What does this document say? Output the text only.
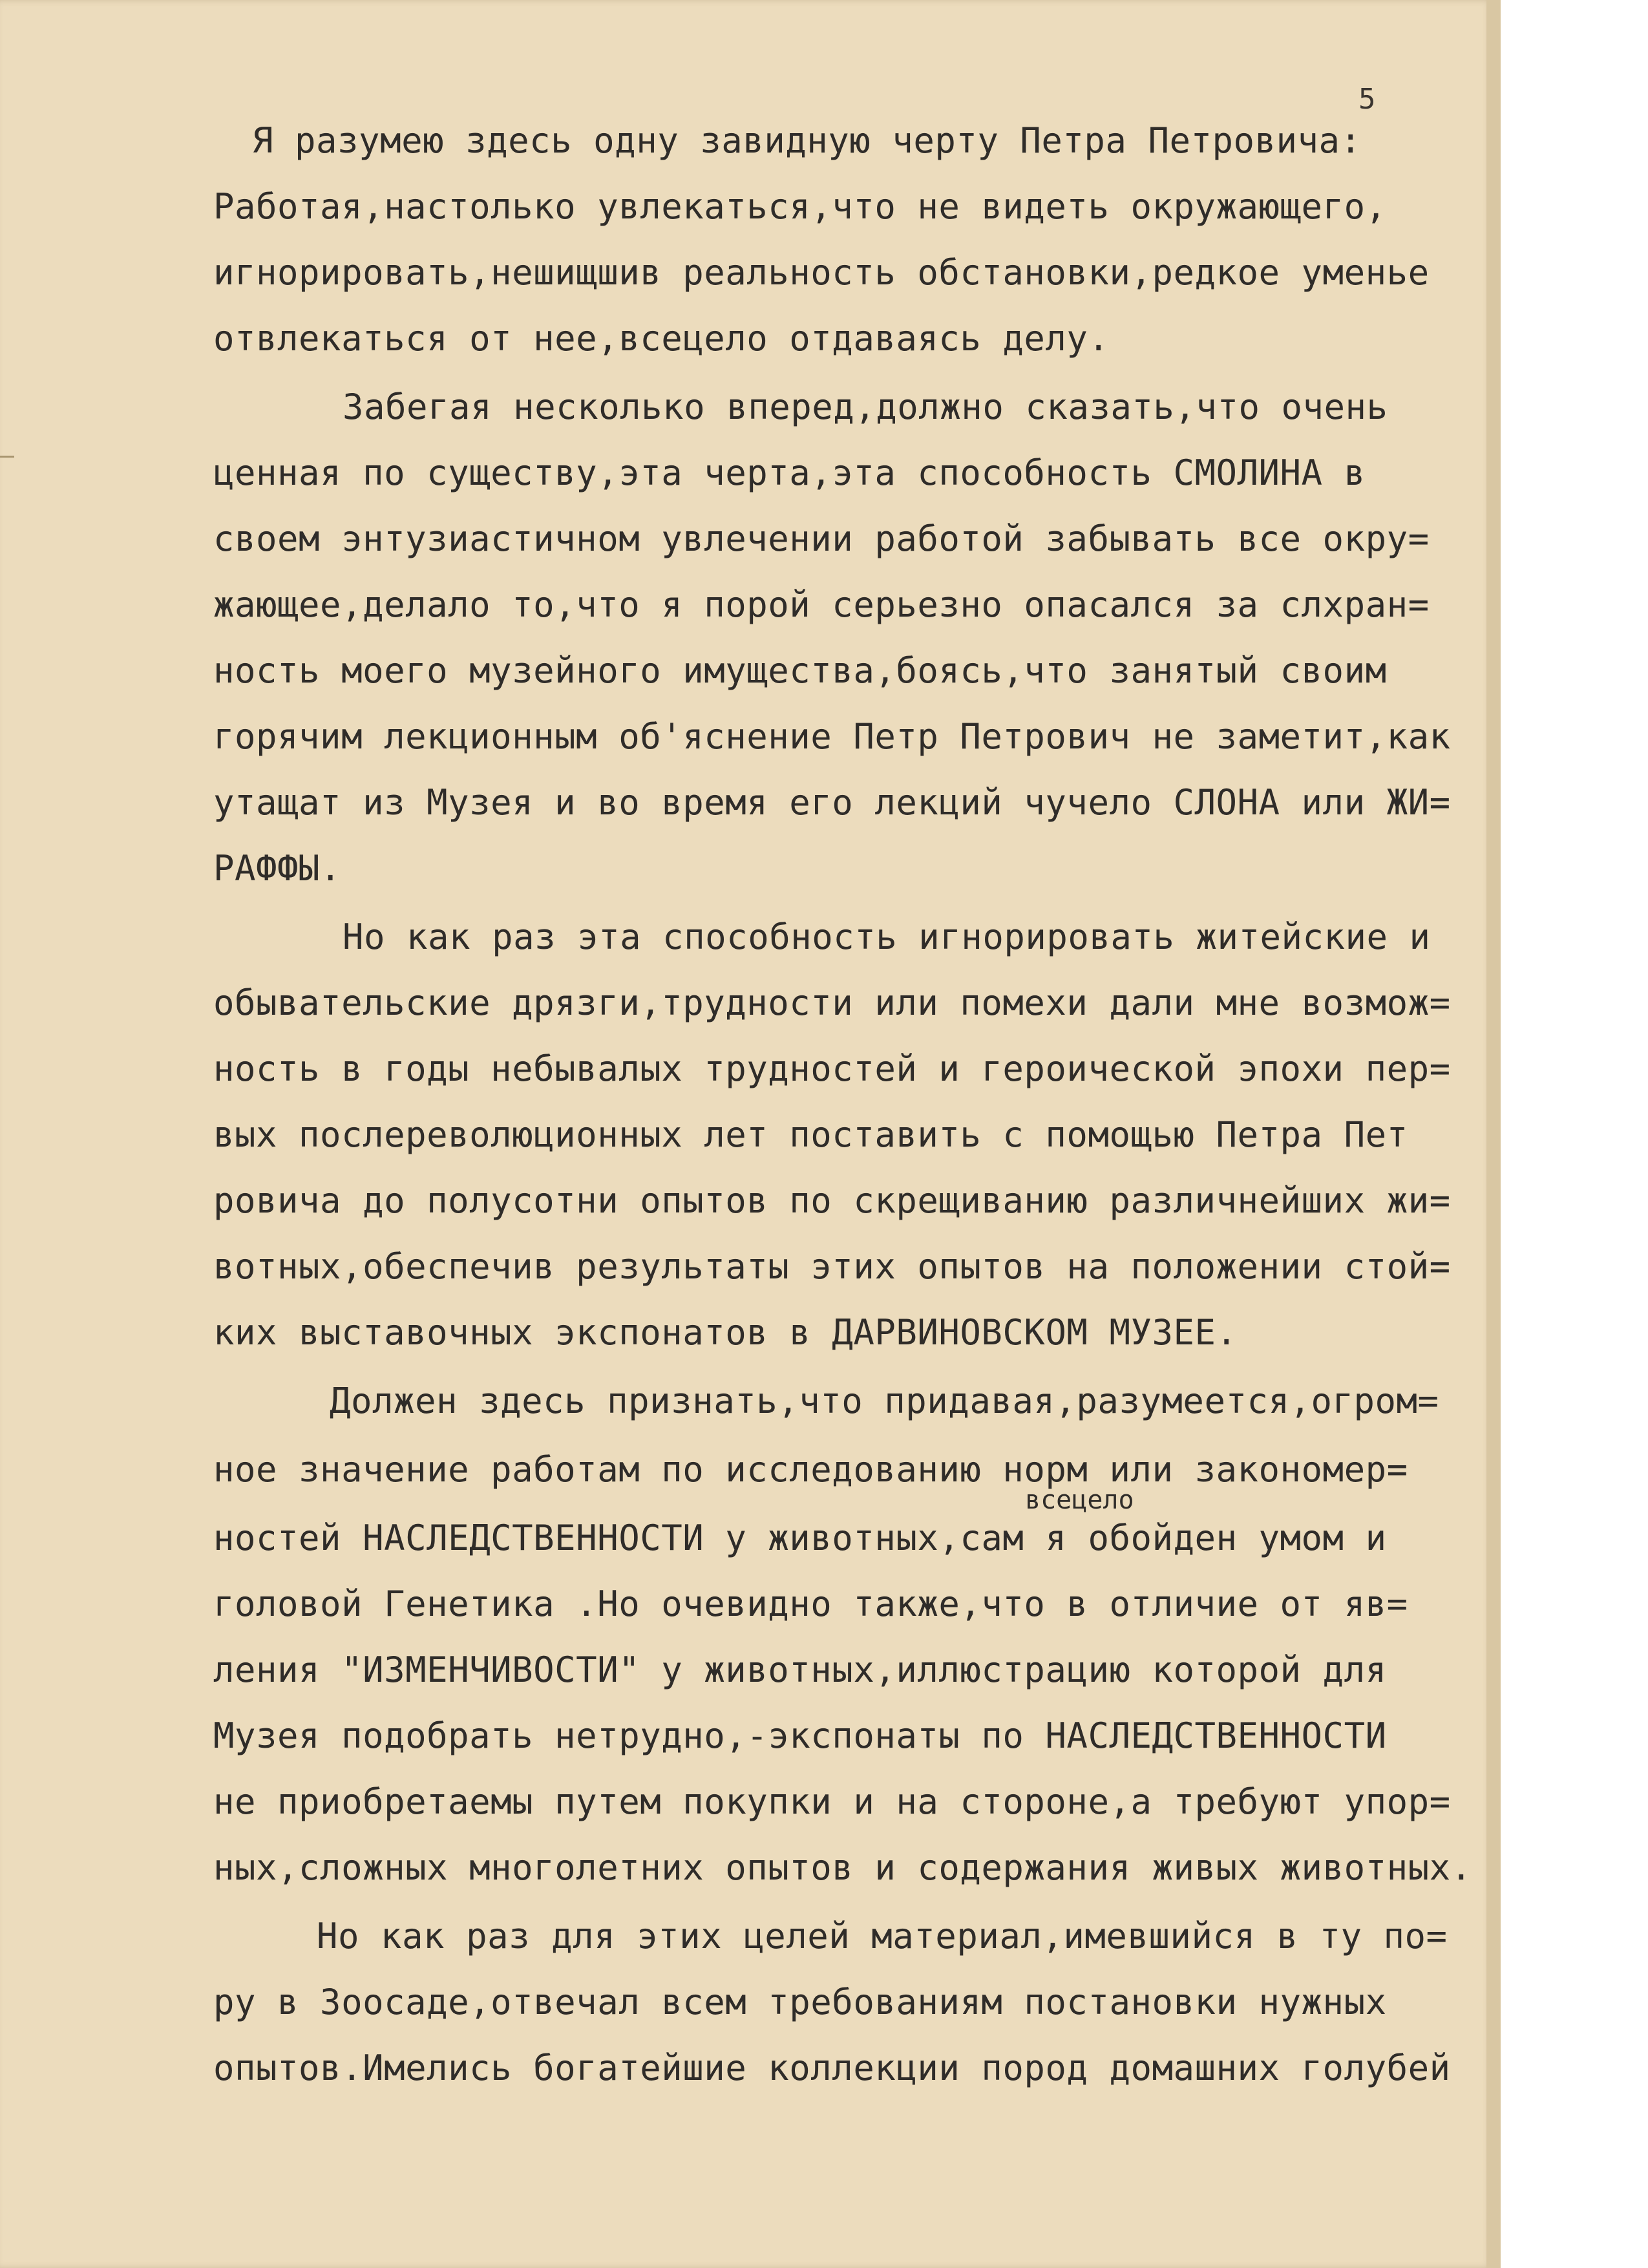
5
Я разумею здесь одну завидную черту Петра Петровича:
Работая,настолько увлекаться,что не видеть окружающего,
игнорировать,нешищшив реальность обстановки,редкое уменье
отвлекаться от нее,всецело отдаваясь делу.
Забегая несколько вперед,должно сказать,что очень
ценная по существу,эта черта,эта способность СМОЛИНА в
своем энтузиастичном увлечении работой забывать все окру=
жающее,делало то,что я порой серьезно опасался за слхран=
ность моего музейного имущества,боясь,что занятый своим
горячим лекционным об'яснение Петр Петрович не заметит,как
утащат из Музея и во время его лекций чучело СЛОНА или ЖИ=
РАФФЫ.
Но как раз эта способность игнорировать житейские и
обывательские дрязги,трудности или помехи дали мне возмож=
ность в годы небывалых трудностей и героической эпохи пер=
вых послереволюционных лет поставить с помощью Петра Пет
ровича до полусотни опытов по скрещиванию различнейших жи=
вотных,обеспечив результаты этих опытов на положении стой=
ких выставочных экспонатов в ДАРВИНОВСКОМ МУЗЕЕ.
Должен здесь признать,что придавая,разумеется,огром=
ное значение работам по исследованию норм или закономер=
всецело
ностей НАСЛЕДСТВЕННОСТИ у животных,сам я обойден умом и
головой Генетика .Но очевидно также,что в отличие от яв=
ления "ИЗМЕНЧИВОСТИ" у животных,иллюстрацию которой для
Музея подобрать нетрудно,-экспонаты по НАСЛЕДСТВЕННОСТИ
не приобретаемы путем покупки и на стороне,а требуют упор=
ных,сложных многолетних опытов и содержания живых животных.
Но как раз для этих целей материал,имевшийся в ту по=
ру в Зоосаде,отвечал всем требованиям постановки нужных
опытов.Имелись богатейшие коллекции пород домашних голубей
